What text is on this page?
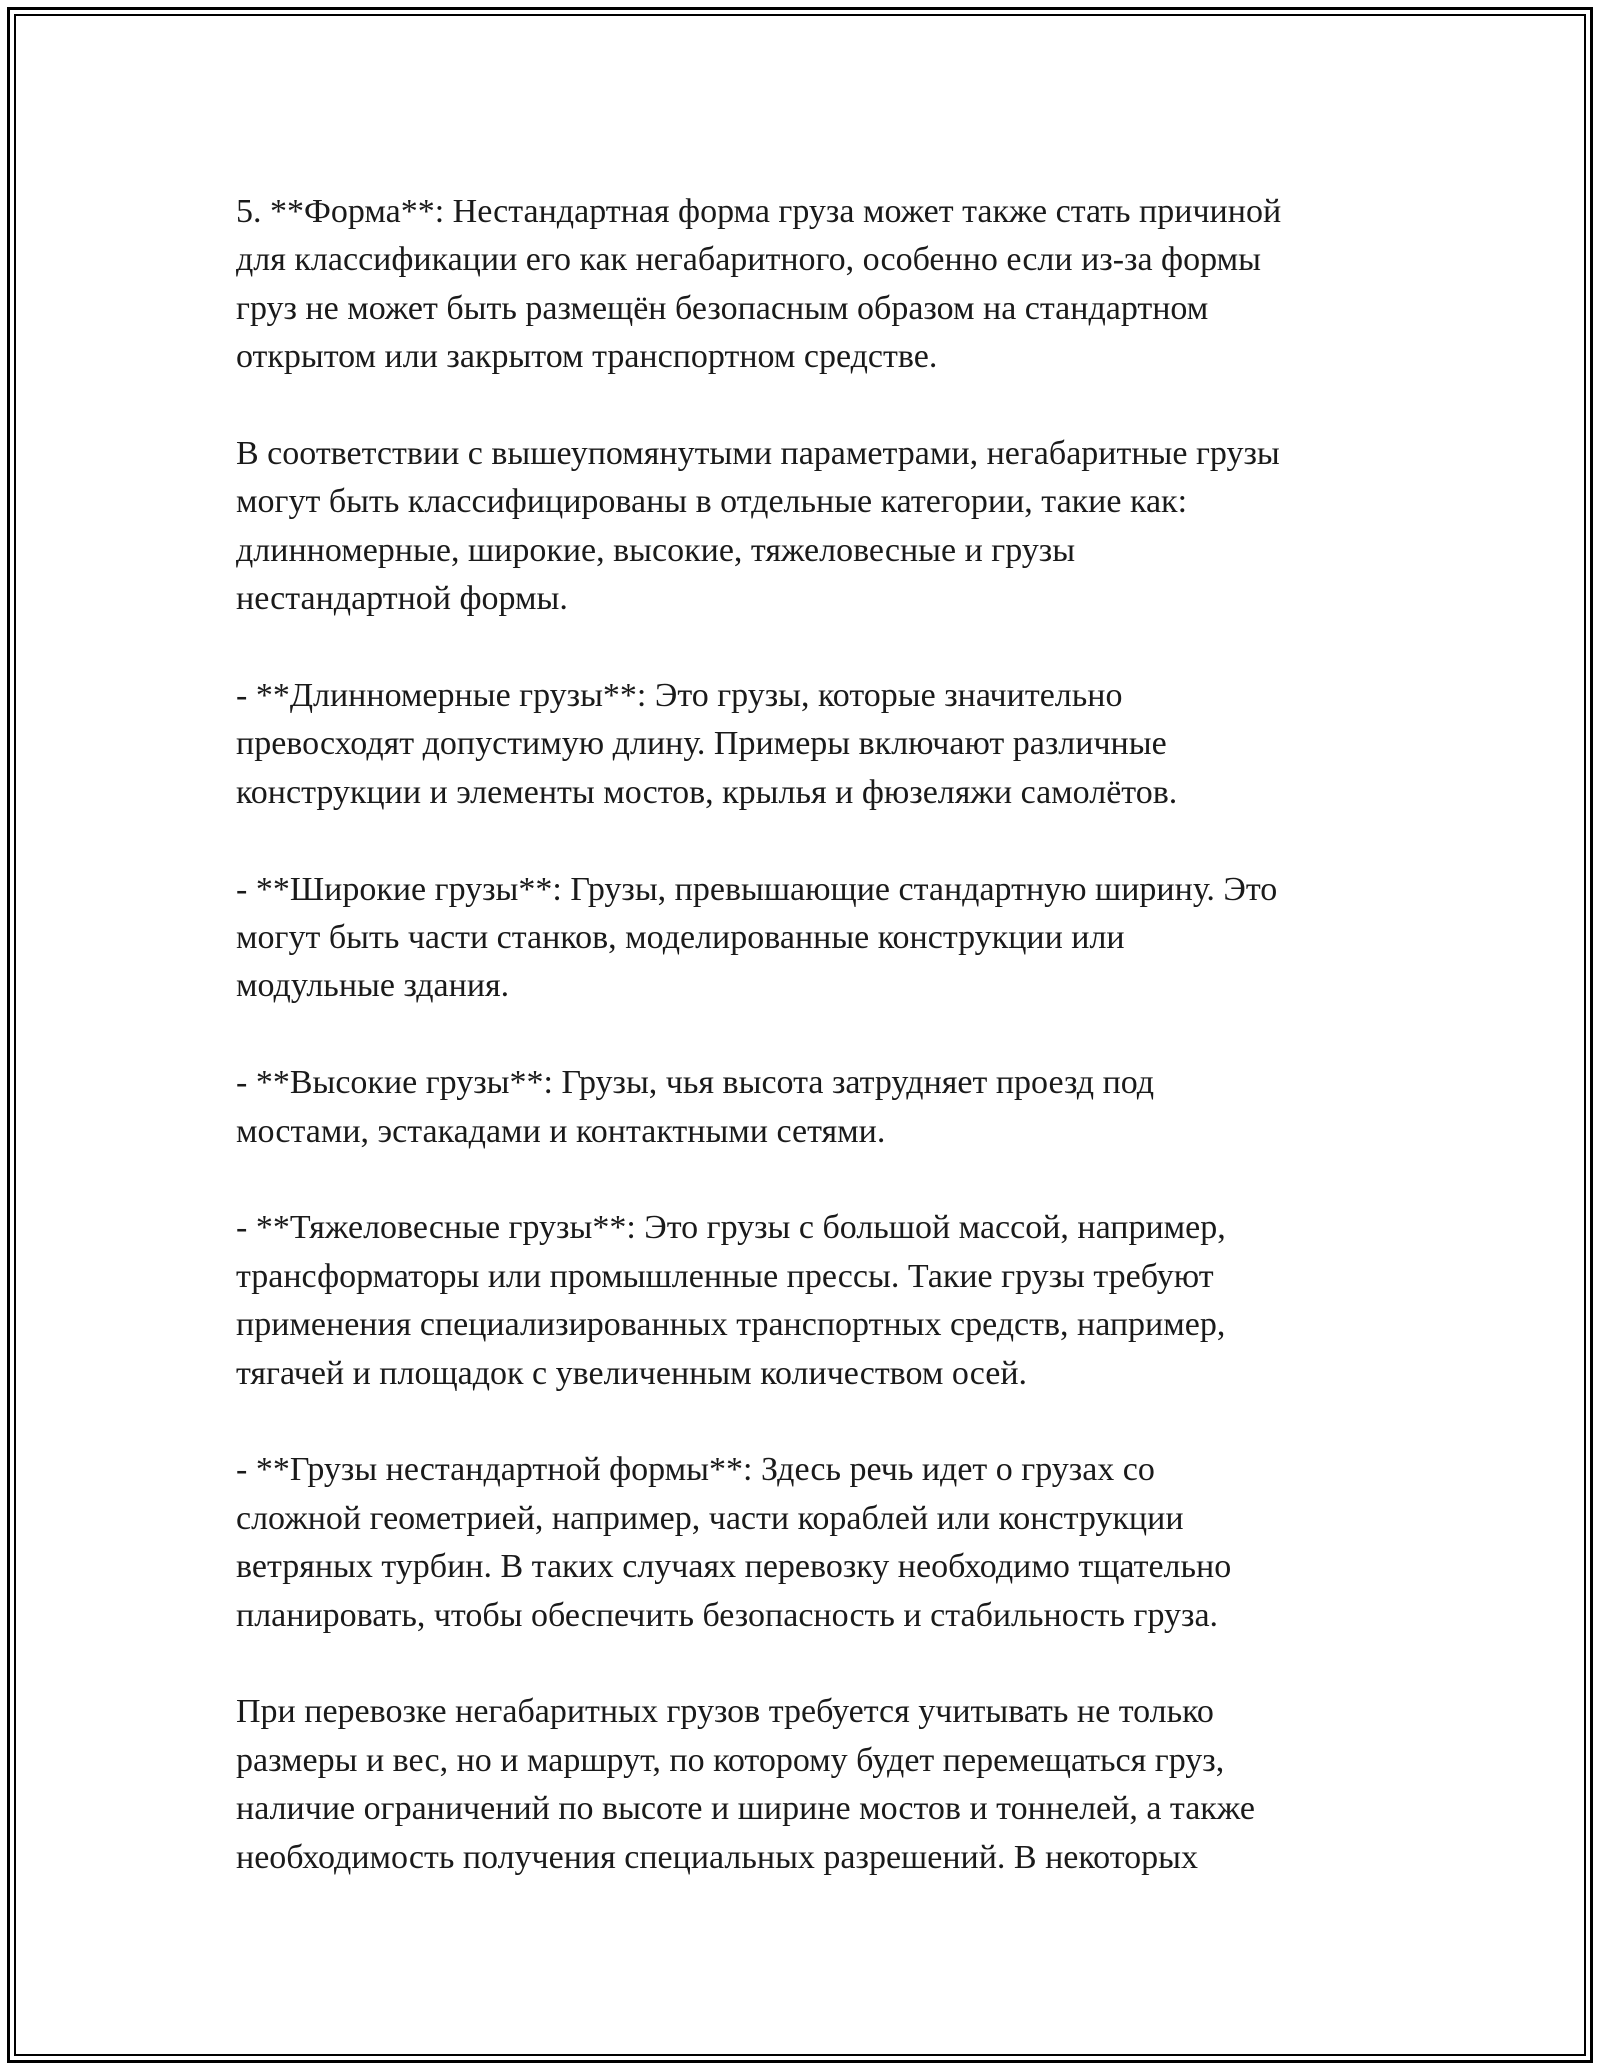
5. **Форма**: Нестандартная форма груза может также стать причиной
для классификации его как негабаритного, особенно если из-за формы
груз не может быть размещён безопасным образом на стандартном
открытом или закрытом транспортном средстве.

В соответствии с вышеупомянутыми параметрами, негабаритные грузы
могут быть классифицированы в отдельные категории, такие как:
длинномерные, широкие, высокие, тяжеловесные и грузы
нестандартной формы.

- **Длинномерные грузы**: Это грузы, которые значительно
превосходят допустимую длину. Примеры включают различные
конструкции и элементы мостов, крылья и фюзеляжи самолётов.

- **Широкие грузы**: Грузы, превышающие стандартную ширину. Это
могут быть части станков, моделированные конструкции или
модульные здания.

- **Высокие грузы**: Грузы, чья высота затрудняет проезд под
мостами, эстакадами и контактными сетями.

- **Тяжеловесные грузы**: Это грузы с большой массой, например,
трансформаторы или промышленные прессы. Такие грузы требуют
применения специализированных транспортных средств, например,
тягачей и площадок с увеличенным количеством осей.

- **Грузы нестандартной формы**: Здесь речь идет о грузах со
сложной геометрией, например, части кораблей или конструкции
ветряных турбин. В таких случаях перевозку необходимо тщательно
планировать, чтобы обеспечить безопасность и стабильность груза.

При перевозке негабаритных грузов требуется учитывать не только
размеры и вес, но и маршрут, по которому будет перемещаться груз,
наличие ограничений по высоте и ширине мостов и тоннелей, а также
необходимость получения специальных разрешений. В некоторых
